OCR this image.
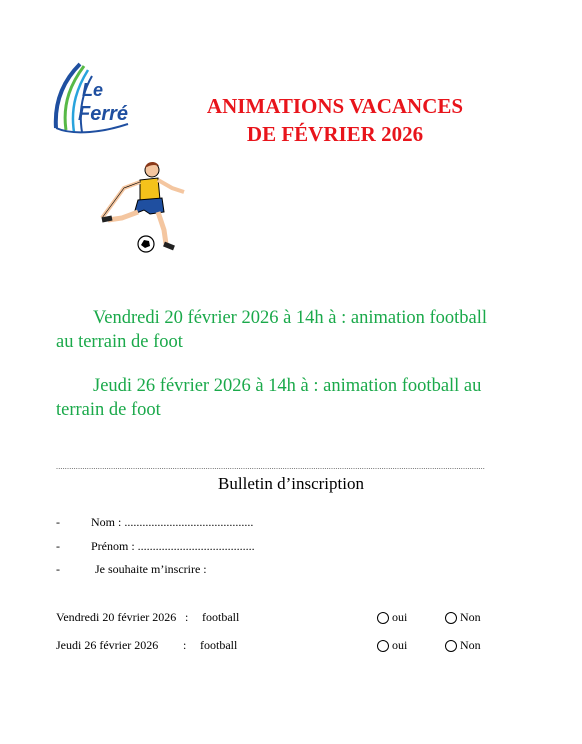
Le
Ferré	ANIMATIONS VACANCES
DE FÉVRIER 2026
Vendredi 20 février 2026 à 14h à : animation football
au terrain de foot
Jeudi 26 février 2026 à 14h à : animation football au
terrain de foot
...................................................................................................................................................................................................
Bulletin d’inscription
-	Nom : ...........................................
-	Prénom : .......................................
-	Je souhaite m’inscrire :
Vendredi 20 février 2026 : football	oui	Non
Jeudi 26 février 2026 : football	oui	Non
